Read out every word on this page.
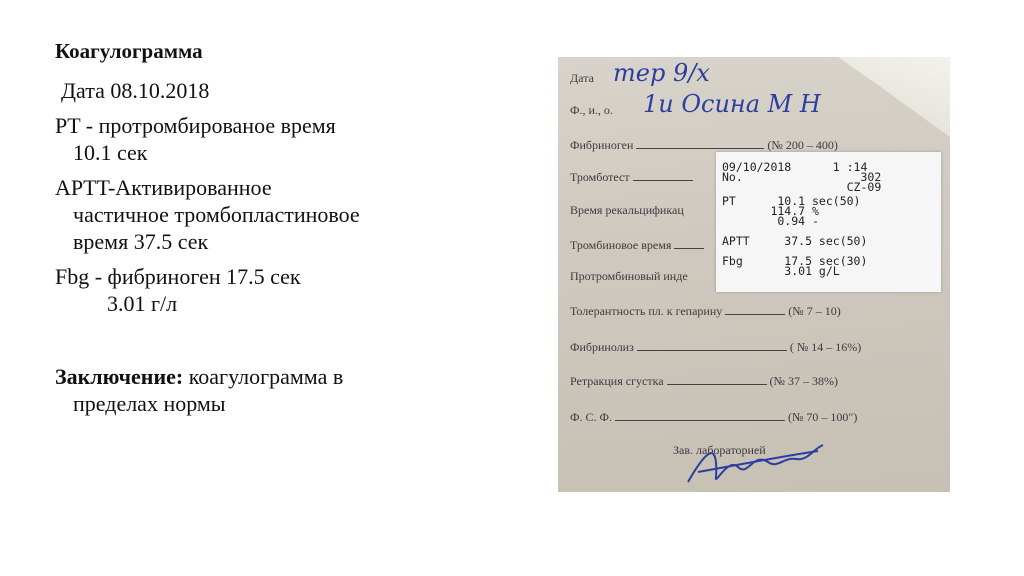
Коагулограмма
Дата 08.10.2018
PT - протромбированое время
10.1 сек
APTT-Активированное
частичное тромбопластиновое
время 37.5 сек
Fbg - фибриноген 17.5 сек
3.01 г/л
Заключение: коагулограмма в
пределах нормы
Дата тер 9/х
Ф., и., о. 1и Осина М Н
Фибриноген	(№ 200 – 400)
Тромботест
Время рекальцификац
Тромбиновое время
Протромбиновый инде
Толерантность пл. к гепарину	(№ 7 – 10)
Фибринолиз	( № 14 – 16%)
Ретракция сгустка	(№ 37 – 38%)
Ф. С. Ф.	(№ 70 – 100")
Зав. лабораторией
09/10/2018      1 :14
No.                 302
CZ-09
PT      10.1 sec(50)
114.7 %
0.94 -
APTT     37.5 sec(50)
Fbg      17.5 sec(30)
3.01 g/L
